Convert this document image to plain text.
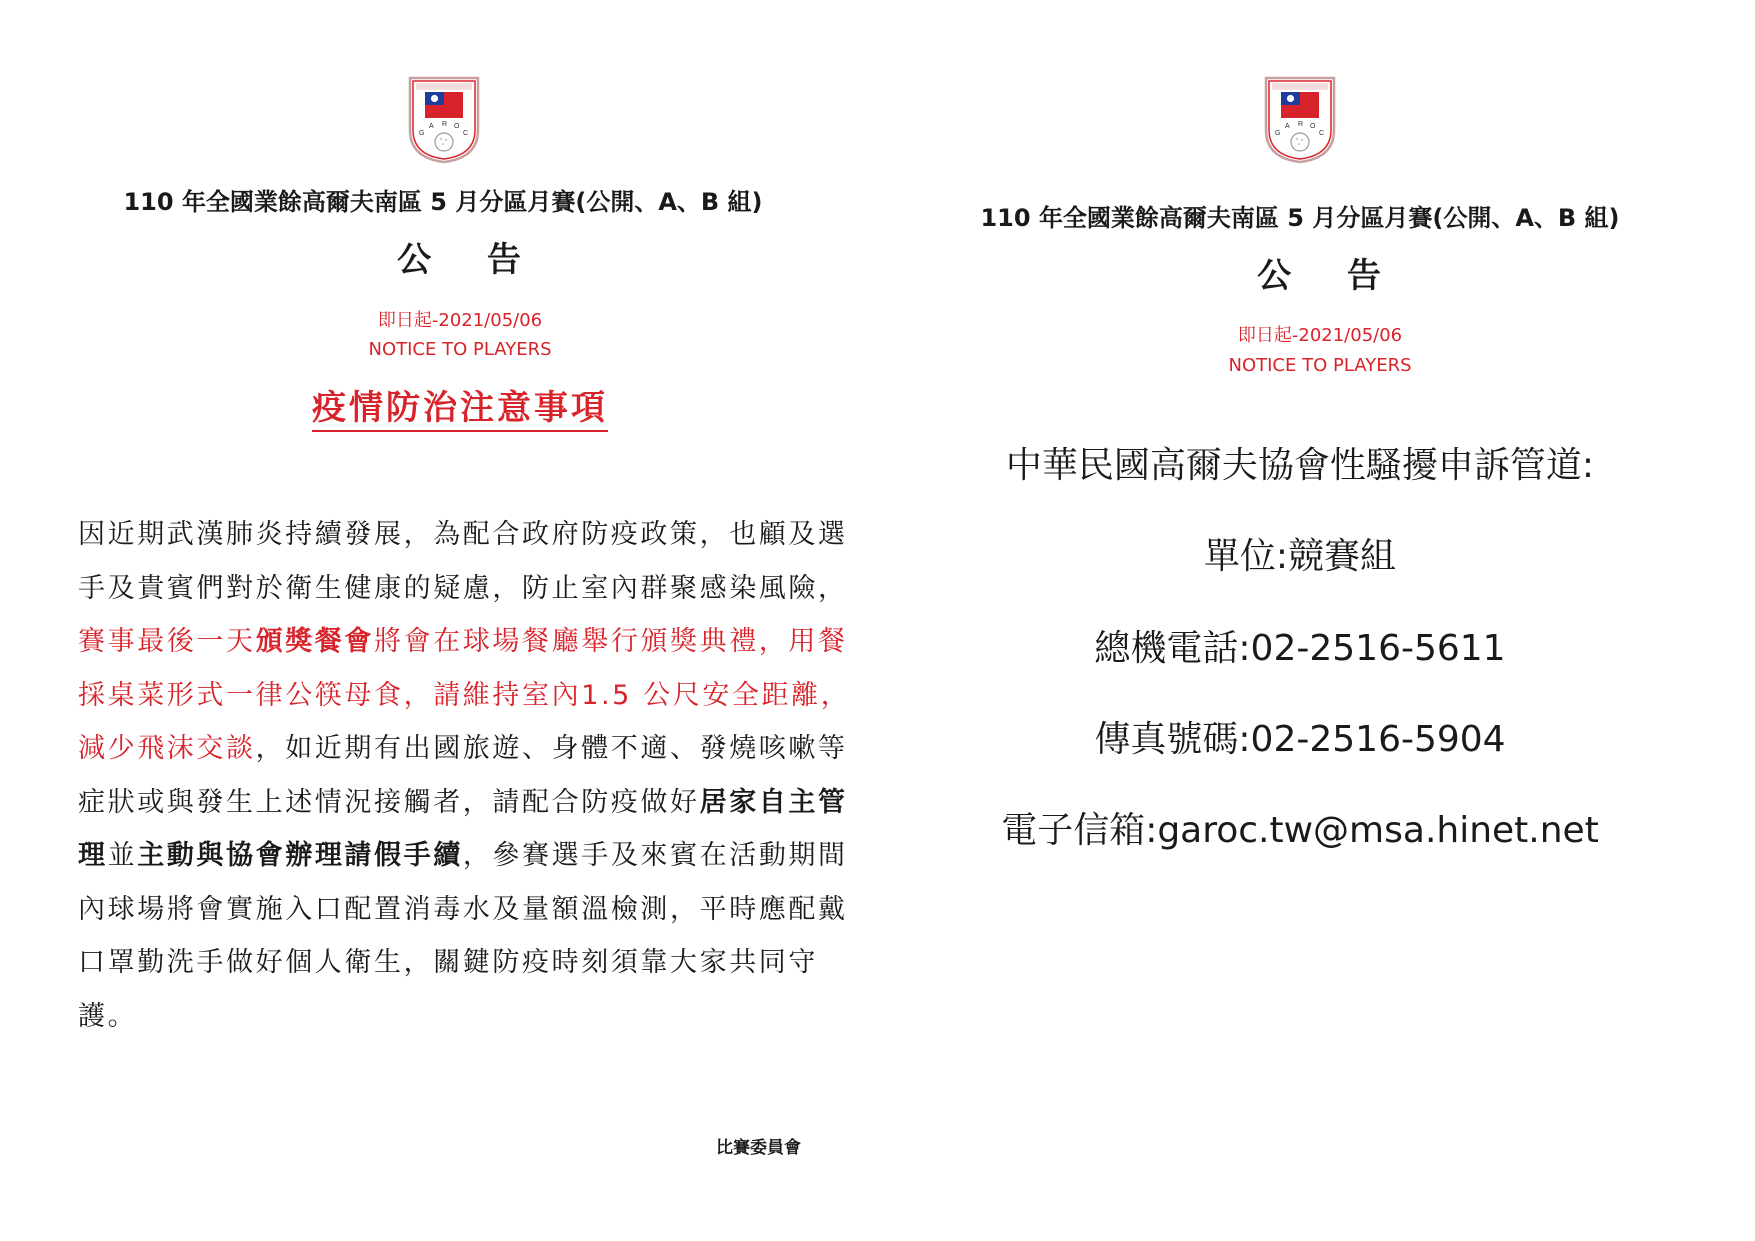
G
A R O
C
110 年全國業餘高爾夫南區 5 月分區月賽(公開、A、B 組)
公 告
即日起-2021/05/06
NOTICE TO PLAYERS
疫情防治注意事項
因近期武漢肺炎持續發展，為配合政府防疫政策，也顧及選手及貴賓們對於衛生健康的疑慮，防止室內群聚感染風險，賽事最後一天頒獎餐會將會在球場餐廳舉行頒獎典禮，用餐採桌菜形式一律公筷母食，請維持室內1.5 公尺安全距離，減少飛沫交談，如近期有出國旅遊、身體不適、發燒咳嗽等症狀或與發生上述情況接觸者，請配合防疫做好居家自主管理並主動與協會辦理請假手續，參賽選手及來賓在活動期間內球場將會實施入口配置消毒水及量額溫檢測，平時應配戴口罩勤洗手做好個人衛生，關鍵防疫時刻須靠大家共同守護。
比賽委員會
G
A R O
C
110 年全國業餘高爾夫南區 5 月分區月賽(公開、A、B 組)
公 告
即日起-2021/05/06
NOTICE TO PLAYERS
中華民國高爾夫協會性騷擾申訴管道:
單位:競賽組
總機電話:02-2516-5611
傳真號碼:02-2516-5904
電子信箱:garoc.tw@msa.hinet.net
